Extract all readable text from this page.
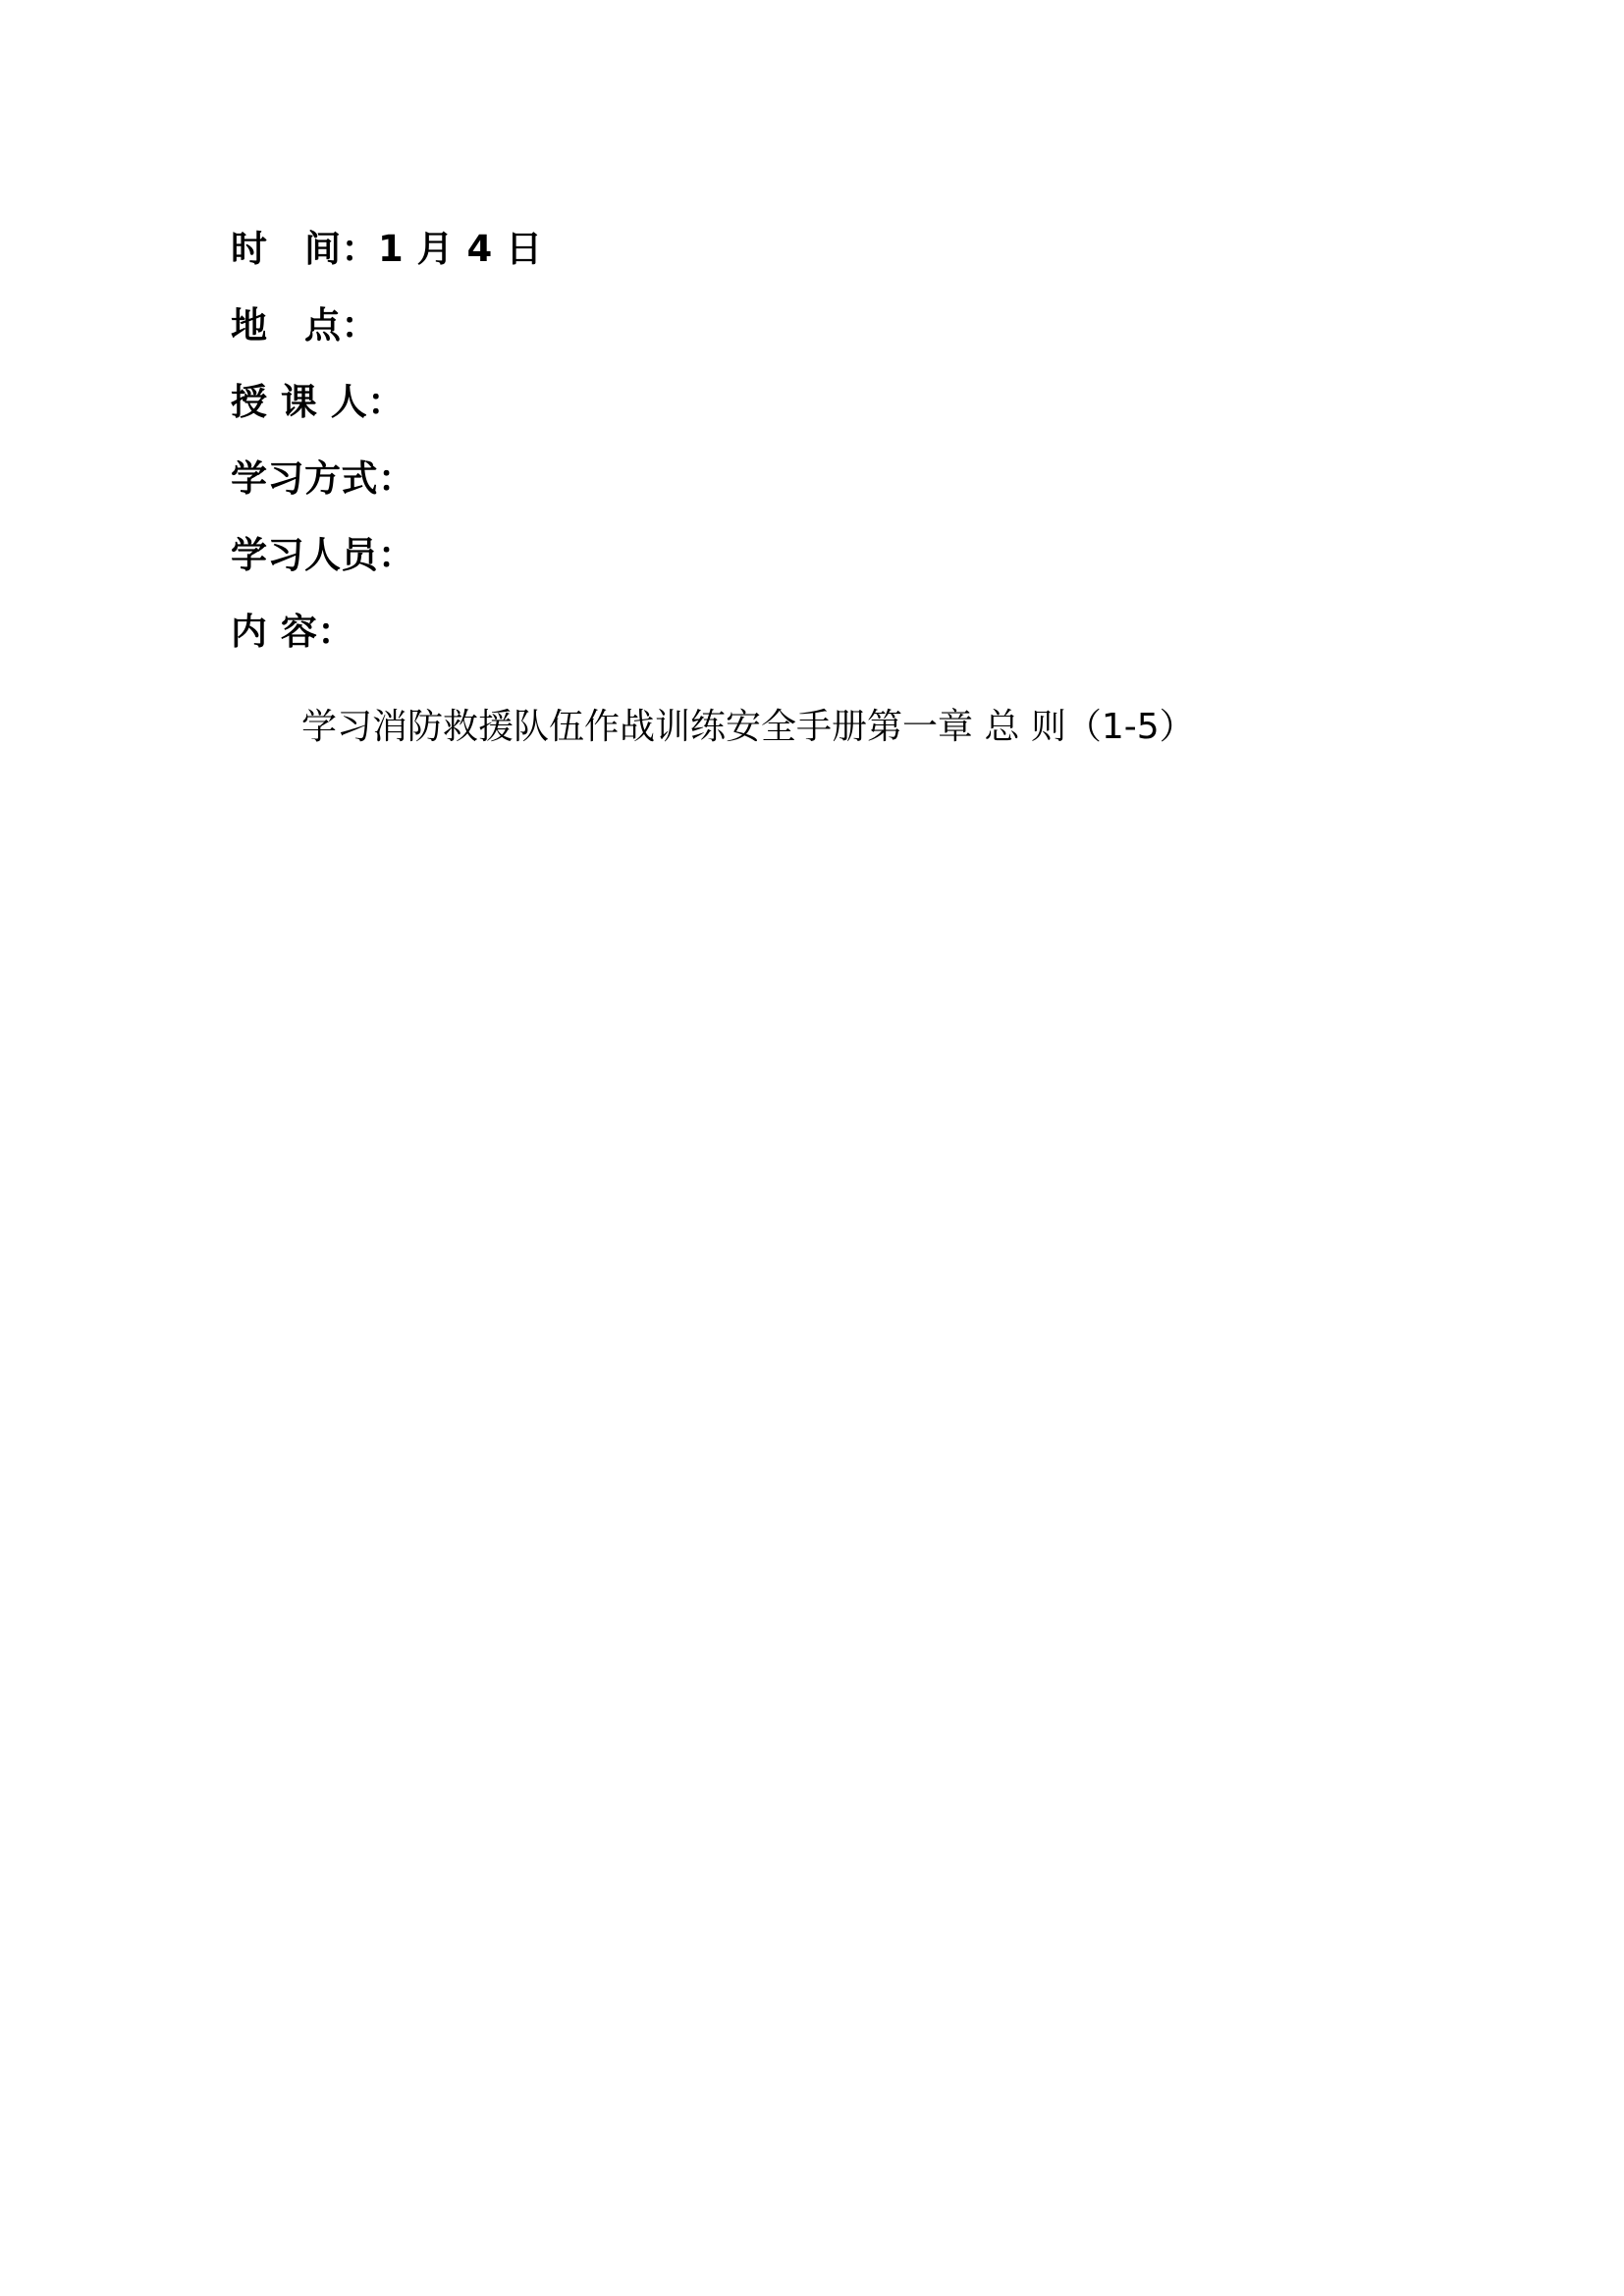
时　间：1 月 4 日
地　点：
授 课 人：
学习方式：
学习人员：
内 容：
学习消防救援队伍作战训练安全手册第一章 总 则（1-5）
